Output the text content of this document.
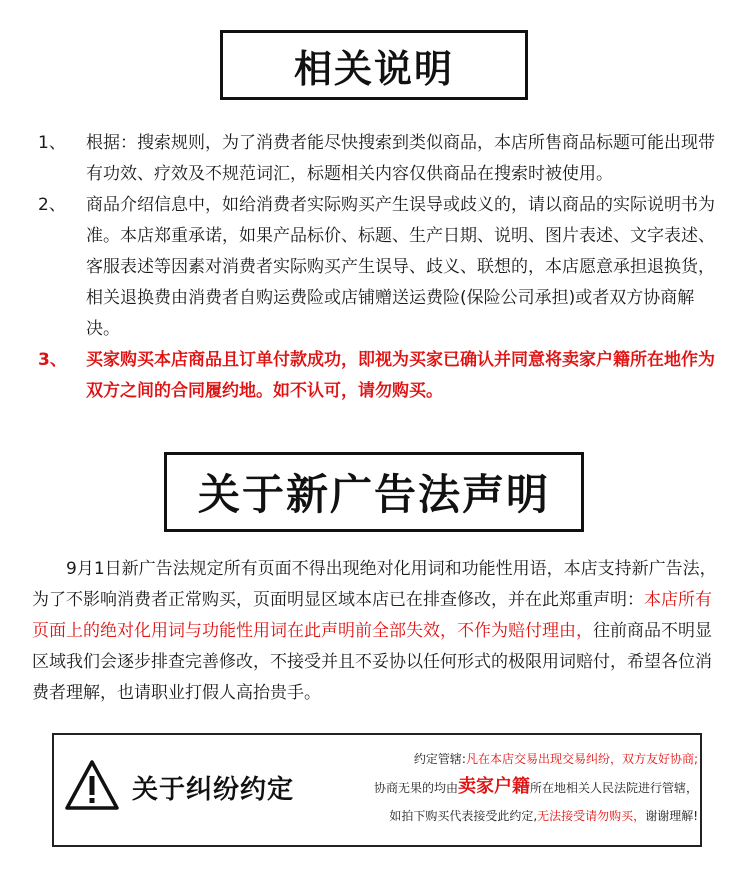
相关说明

1、 根据：搜索规则，为了消费者能尽快搜索到类似商品，本店所售商品标题可能出现带有功效、疗效及不规范词汇，标题相关内容仅供商品在搜索时被使用。

2、 商品介绍信息中，如给消费者实际购买产生误导或歧义的，请以商品的实际说明书为准。本店郑重承诺，如果产品标价、标题、生产日期、说明、图片表述、文字表述、客服表述等因素对消费者实际购买产生误导、歧义、联想的，本店愿意承担退换货，相关退换费由消费者自购运费险或店铺赠送运费险(保险公司承担)或者双方协商解决。

3、 买家购买本店商品且订单付款成功，即视为买家已确认并同意将卖家户籍所在地作为双方之间的合同履约地。如不认可，请勿购买。

关于新广告法声明

9月1日新广告法规定所有页面不得出现绝对化用词和功能性用语，本店支持新广告法，为了不影响消费者正常购买，页面明显区域本店已在排查修改，并在此郑重声明：本店所有页面上的绝对化用词与功能性用词在此声明前全部失效，不作为赔付理由，往前商品不明显区域我们会逐步排查完善修改，不接受并且不妥协以任何形式的极限用词赔付，希望各位消费者理解，也请职业打假人高抬贵手。

关于纠纷约定
约定管辖:凡在本店交易出现交易纠纷，双方友好协商;
协商无果的均由卖家户籍所在地相关人民法院进行管辖，
如拍下购买代表接受此约定,无法接受请勿购买，谢谢理解!
